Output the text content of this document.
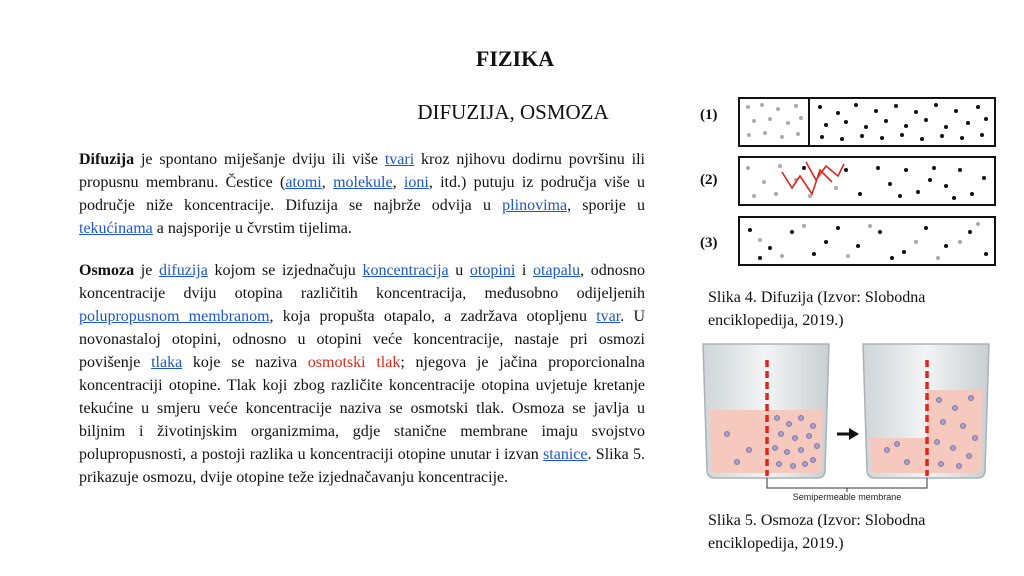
FIZIKA
DIFUZIJA, OSMOZA

Difuzija je spontano miješanje dviju ili više tvari kroz njihovu dodirnu površinu ili propusnu membranu. Čestice (atomi, molekule, ioni, itd.) putuju iz područja više u područje niže koncentracije. Difuzija se najbrže odvija u plinovima, sporije u tekućinama a najsporije u čvrstim tijelima.

Osmoza je difuzija kojom se izjednačuju koncentracija u otopini i otapalu, odnosno koncentracije dviju otopina različitih koncentracija, međusobno odijeljenih polupropusnom membranom, koja propušta otapalo, a zadržava otopljenu tvar. U novonastaloj otopini, odnosno u otopini veće koncentracije, nastaje pri osmozi povišenje tlaka koje se naziva osmotski tlak; njegova je jačina proporcionalna koncentraciji otopine. Tlak koji zbog različite koncentracije otopina uvjetuje kretanje tekućine u smjeru veće koncentracije naziva se osmotski tlak. Osmoza se javlja u biljnim i životinjskim organizmima, gdje stanične membrane imaju svojstvo polupropusnosti, a postoji razlika u koncentraciji otopine unutar i izvan stanice. Slika 5. prikazuje osmozu, dvije otopine teže izjednačavanju koncentracije.

(1)
(2)
(3)
Slika 4. Difuzija (Izvor: Slobodna enciklopedija, 2019.)
Semipermeable membrane
Slika 5. Osmoza (Izvor: Slobodna enciklopedija, 2019.)
